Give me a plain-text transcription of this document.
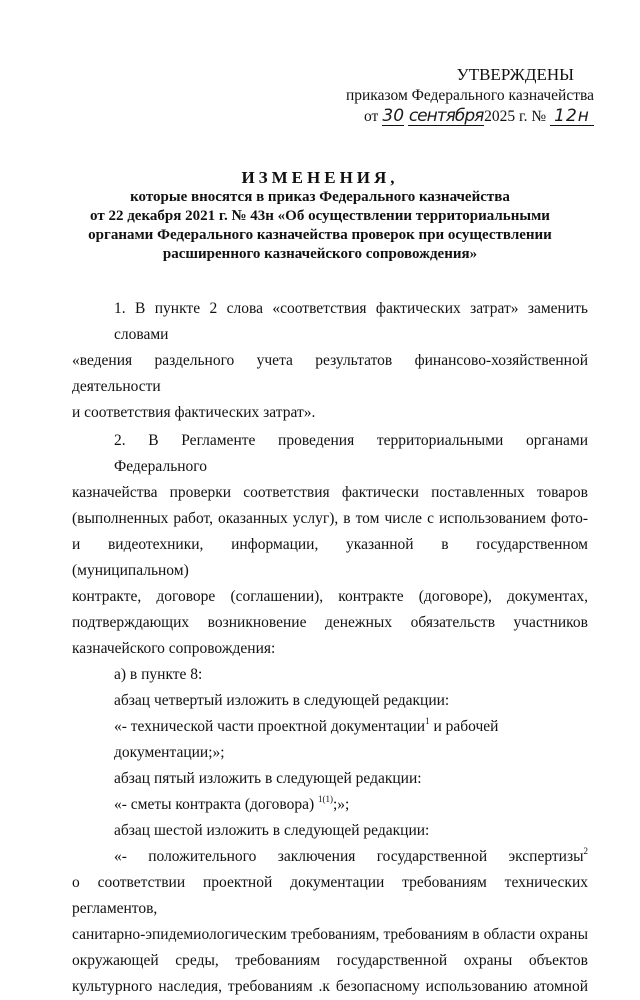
УТВЕРЖДЕНЫ
приказом Федерального казначейства
от 30 сентября2025 г. № 12н
ИЗМЕНЕНИЯ,
которые вносятся в приказ Федерального казначейства
от 22 декабря 2021 г. № 43н «Об осуществлении территориальными
органами Федерального казначейства проверок при осуществлении
расширенного казначейского сопровождения»

1. В пункте 2 слова «соответствия фактических затрат» заменить словами

«ведения раздельного учета результатов финансово-хозяйственной деятельности

и соответствия фактических затрат».

2. В Регламенте проведения территориальными органами Федерального

казначейства проверки соответствия фактически поставленных товаров

(выполненных работ, оказанных услуг), в том числе с использованием фото-

и видеотехники, информации, указанной в государственном (муниципальном)

контракте, договоре (соглашении), контракте (договоре), документах,

подтверждающих возникновение денежных обязательств участников

казначейского сопровождения:

а) в пункте 8:

абзац четвертый изложить в следующей редакции:

«- технической части проектной документации$^1$ и рабочей документации;»;

абзац пятый изложить в следующей редакции:

«- сметы контракта (договора) $^{1(1)}$;»;

абзац шестой изложить в следующей редакции:

«- положительного заключения государственной экспертизы$^2$

о соответствии проектной документации требованиям технических регламентов,

санитарно-эпидемиологическим требованиям, требованиям в области охраны

окружающей среды, требованиям государственной охраны объектов

культурного наследия, требованиям .к безопасному использованию атомной
